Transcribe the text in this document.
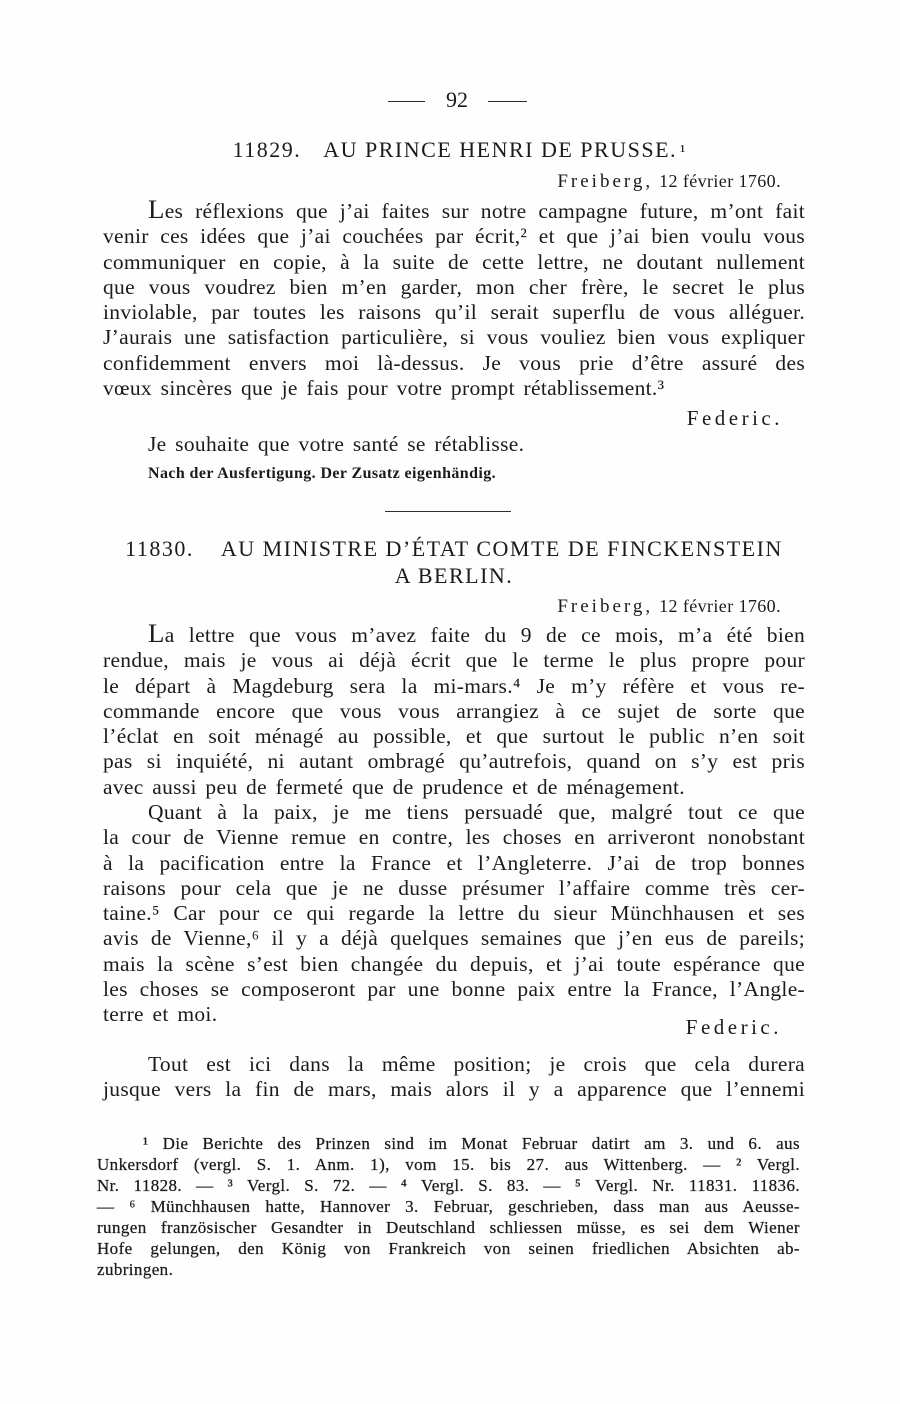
92
11829. AU PRINCE HENRI DE PRUSSE. ¹
Freiberg, 12 février 1760.
Les réflexions que j’ai faites sur notre campagne future, m’ont fait
venir ces idées que j’ai couchées par écrit,² et que j’ai bien voulu vous
communiquer en copie, à la suite de cette lettre, ne doutant nullement
que vous voudrez bien m’en garder, mon cher frère, le secret le plus
inviolable, par toutes les raisons qu’il serait superflu de vous alléguer.
J’aurais une satisfaction particulière, si vous vouliez bien vous expliquer
confidemment envers moi là-dessus. Je vous prie d’être assuré des
vœux sincères que je fais pour votre prompt rétablissement.³
Federic.
Je souhaite que votre santé se rétablisse.
Nach der Ausfertigung. Der Zusatz eigenhändig.
11830. AU MINISTRE D’ÉTAT COMTE DE FINCKENSTEIN
A BERLIN.
Freiberg, 12 février 1760.
La lettre que vous m’avez faite du 9 de ce mois, m’a été bien
rendue, mais je vous ai déjà écrit que le terme le plus propre pour
le départ à Magdeburg sera la mi-mars.⁴ Je m’y réfère et vous re-
commande encore que vous vous arrangiez à ce sujet de sorte que
l’éclat en soit ménagé au possible, et que surtout le public n’en soit
pas si inquiété, ni autant ombragé qu’autrefois, quand on s’y est pris
avec aussi peu de fermeté que de prudence et de ménagement.
Quant à la paix, je me tiens persuadé que, malgré tout ce que
la cour de Vienne remue en contre, les choses en arriveront nonobstant
à la pacification entre la France et l’Angleterre. J’ai de trop bonnes
raisons pour cela que je ne dusse présumer l’affaire comme très cer-
taine.⁵ Car pour ce qui regarde la lettre du sieur Münchhausen et ses
avis de Vienne,⁶ il y a déjà quelques semaines que j’en eus de pareils;
mais la scène s’est bien changée du depuis, et j’ai toute espérance que
les choses se composeront par une bonne paix entre la France, l’Angle-
terre et moi.
Federic.
Tout est ici dans la même position; je crois que cela durera
jusque vers la fin de mars, mais alors il y a apparence que l’ennemi
¹ Die Berichte des Prinzen sind im Monat Februar datirt am 3. und 6. aus
Unkersdorf (vergl. S. 1. Anm. 1), vom 15. bis 27. aus Wittenberg. — ² Vergl.
Nr. 11828. — ³ Vergl. S. 72. — ⁴ Vergl. S. 83. — ⁵ Vergl. Nr. 11831. 11836.
— ⁶ Münchhausen hatte, Hannover 3. Februar, geschrieben, dass man aus Aeusse-
rungen französischer Gesandter in Deutschland schliessen müsse, es sei dem Wiener
Hofe gelungen, den König von Frankreich von seinen friedlichen Absichten ab-
zubringen.
